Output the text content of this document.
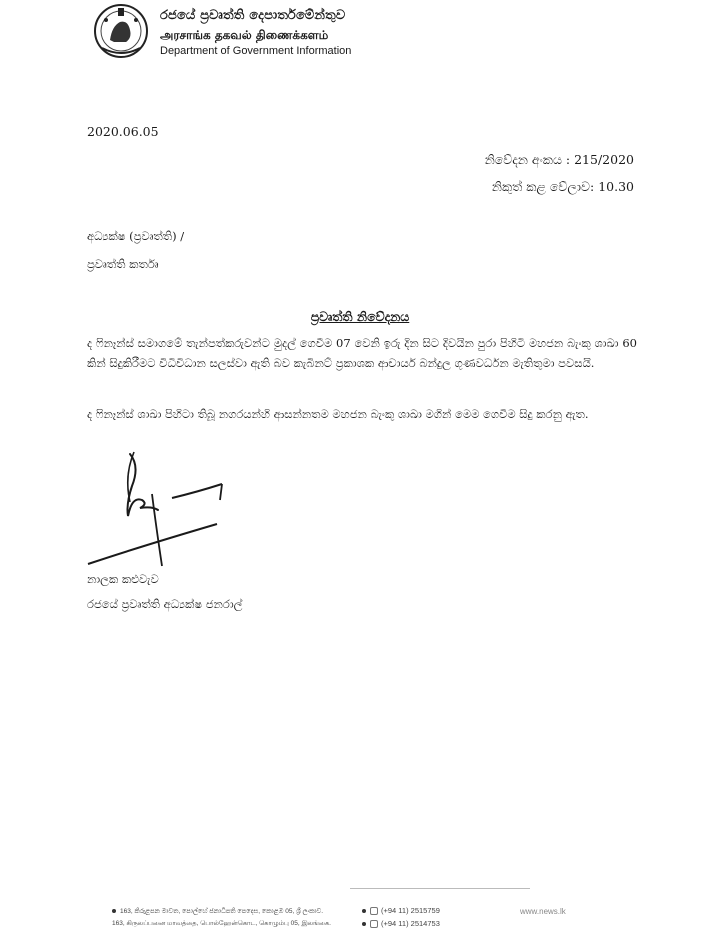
රජයේ ප්‍රවෘත්ති දෙපාර්තමේන්තුව
அரசாங்க தகவல் திணைக்களம்
Department of Government Information
2020.06.05
නිවේදන අංකය : 215/2020
නිකුත් කළ වේලාව: 10.30
අධ්‍යක්ෂ (ප්‍රවෘත්ති) /
ප්‍රවෘත්ති කර්තෘ
ප්‍රවෘත්ති නිවේදනය

ද ෆිනෑන්ස් සමාගමේ තැන්පත්කරුවන්ට මුදල් ගෙවීම 07 වෙනි ඉරු දින සිට දිවයින පුරා පිහිටි මහජන බැංකු ශාඛා 60 කින් සිදුකිරීමට විධිවිධාන සලස්වා ඇති බව කැබිනට් ප්‍රකාශක ආචාර්ය බන්දුල ගුණවර්ධන මැතිතුමා පවසයි.

ද ෆිනෑන්ස් ශාඛා පිහිටා තිබූ නගරයන්හි ආසන්නතම මහජන බැංකු ශාඛා මගින් මෙම ගෙවීම සිදු කරනු ඇත.

නාලක කළුවැව
රජයේ ප්‍රවෘත්ති අධ්‍යක්ෂ ජනරාල්
163, කිරුළපන මාවත, පොල්හේ ජනාධිපති පෙදෙස, කොළඹ 05, ශ්‍රී ලංකාව.
163, கிருலப்பனை மாவத்தை, பொல்ஹேன்கொட, கொழும்பு 05, இலங்கை.
(+94 11) 2515759
(+94 11) 2514753
www.news.lk
